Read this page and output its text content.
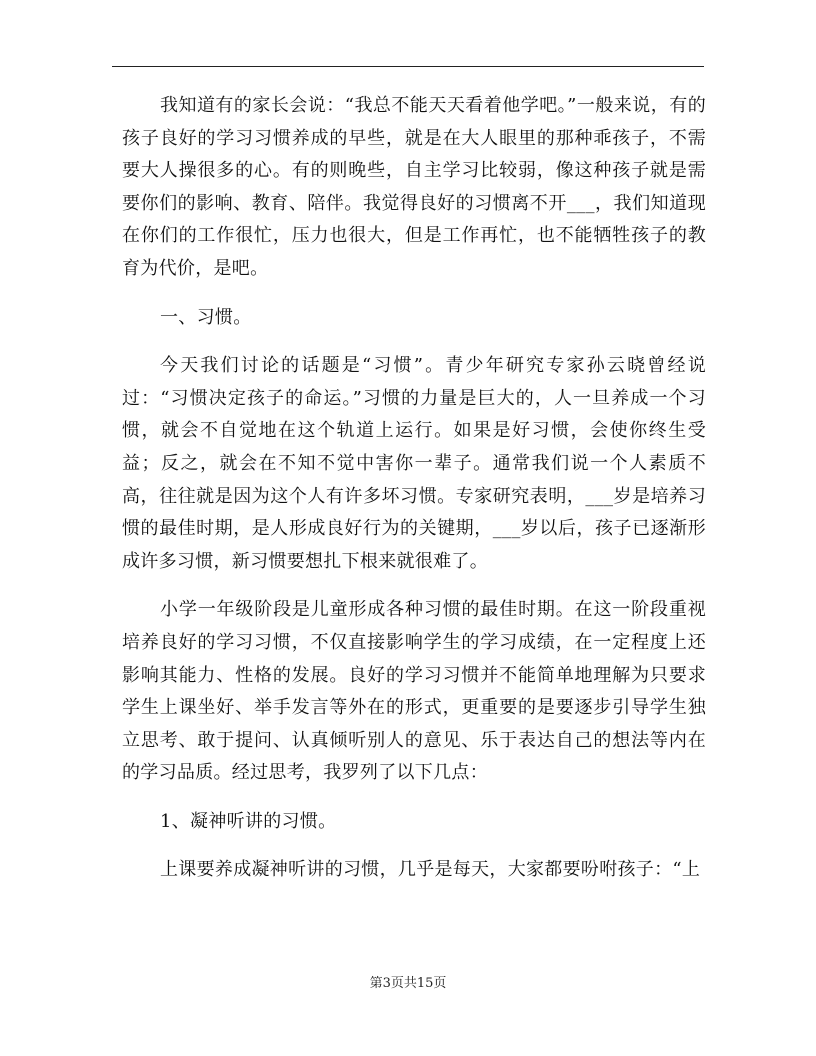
我知道有的家长会说：“我总不能天天看着他学吧。”一般来说，有的孩子良好的学习习惯养成的早些，就是在大人眼里的那种乖孩子，不需要大人操很多的心。有的则晚些，自主学习比较弱，像这种孩子就是需要你们的影响、教育、陪伴。我觉得良好的习惯离不开___，我们知道现在你们的工作很忙，压力也很大，但是工作再忙，也不能牺牲孩子的教育为代价，是吧。

一、习惯。

今天我们讨论的话题是“习惯”。青少年研究专家孙云晓曾经说过：“习惯决定孩子的命运。”习惯的力量是巨大的，人一旦养成一个习惯，就会不自觉地在这个轨道上运行。如果是好习惯，会使你终生受益；反之，就会在不知不觉中害你一辈子。通常我们说一个人素质不高，往往就是因为这个人有许多坏习惯。专家研究表明，___岁是培养习惯的最佳时期，是人形成良好行为的关键期，___岁以后，孩子已逐渐形成许多习惯，新习惯要想扎下根来就很难了。

小学一年级阶段是儿童形成各种习惯的最佳时期。在这一阶段重视培养良好的学习习惯，不仅直接影响学生的学习成绩，在一定程度上还影响其能力、性格的发展。良好的学习习惯并不能简单地理解为只要求学生上课坐好、举手发言等外在的形式，更重要的是要逐步引导学生独立思考、敢于提问、认真倾听别人的意见、乐于表达自己的想法等内在的学习品质。经过思考，我罗列了以下几点：

1、凝神听讲的习惯。

上课要养成凝神听讲的习惯，几乎是每天，大家都要吩咐孩子：“上

第3页共15页
